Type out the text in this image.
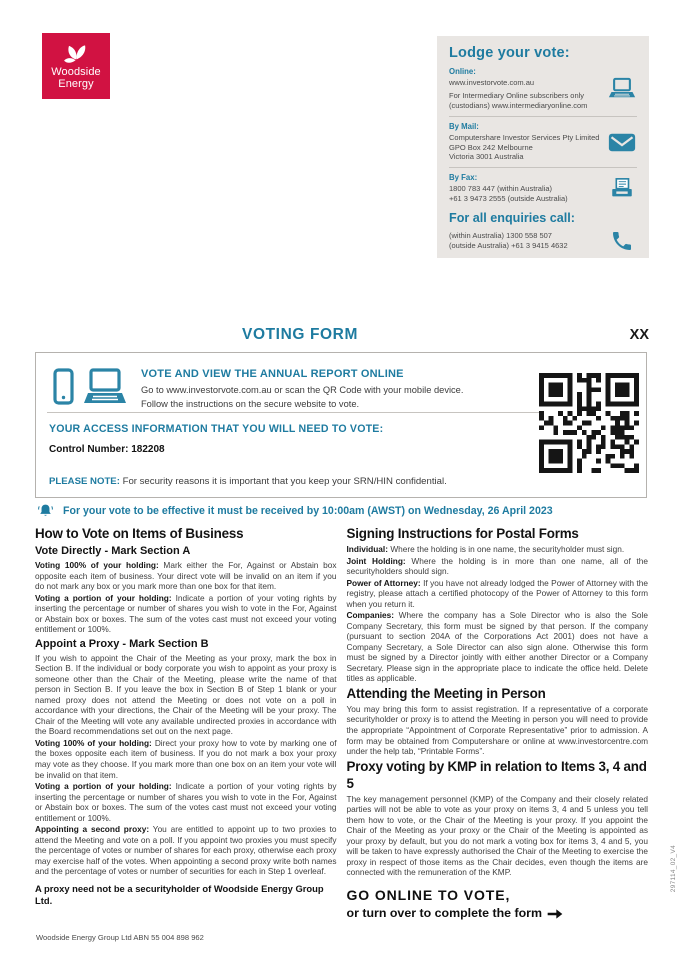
Woodside
Energy
Lodge your vote:
Online:
www.investorvote.com.au
For Intermediary Online subscribers only
(custodians) www.intermediaryonline.com
By Mail:
Computershare Investor Services Pty Limited
GPO Box 242 Melbourne
Victoria 3001 Australia
By Fax:
1800 783 447 (within Australia)
+61 3 9473 2555 (outside Australia)
For all enquiries call:
(within Australia) 1300 558 507
(outside Australia) +61 3 9415 4632
VOTING FORM	XX
VOTE AND VIEW THE ANNUAL REPORT ONLINE
Go to www.investorvote.com.au or scan the QR Code with your mobile device.
Follow the instructions on the secure website to vote.
YOUR ACCESS INFORMATION THAT YOU WILL NEED TO VOTE:
Control Number: 182208
PLEASE NOTE: For security reasons it is important that you keep your SRN/HIN confidential.
For your vote to be effective it must be received by 10:00am (AWST) on Wednesday, 26 April 2023
How to Vote on Items of Business
Vote Directly - Mark Section A

Voting 100% of your holding: Mark either the For, Against or Abstain box opposite each item of business. Your direct vote will be invalid on an item if you do not mark any box or you mark more than one box for that item.

Voting a portion of your holding: Indicate a portion of your voting rights by inserting the percentage or number of shares you wish to vote in the For, Against or Abstain box or boxes. The sum of the votes cast must not exceed your voting entitlement or 100%.

Appoint a Proxy - Mark Section B

If you wish to appoint the Chair of the Meeting as your proxy, mark the box in Section B. If the individual or body corporate you wish to appoint as your proxy is someone other than the Chair of the Meeting, please write the name of that person in Section B. If you leave the box in Section B of Step 1 blank or your named proxy does not attend the Meeting or does not vote on a poll in accordance with your directions, the Chair of the Meeting will be your proxy. The Chair of the Meeting will vote any available undirected proxies in accordance with the Board recommendations set out on the next page.

Voting 100% of your holding: Direct your proxy how to vote by marking one of the boxes opposite each item of business. If you do not mark a box your proxy may vote as they choose. If you mark more than one box on an item your vote will be invalid on that item.

Voting a portion of your holding: Indicate a portion of your voting rights by inserting the percentage or number of shares you wish to vote in the For, Against or Abstain box or boxes. The sum of the votes cast must not exceed your voting entitlement or 100%.

Appointing a second proxy: You are entitled to appoint up to two proxies to attend the Meeting and vote on a poll. If you appoint two proxies you must specify the percentage of votes or number of shares for each proxy, otherwise each proxy may exercise half of the votes. When appointing a second proxy write both names and the percentage of votes or number of securities for each in Step 1 overleaf.

A proxy need not be a securityholder of Woodside Energy Group Ltd.
Signing Instructions for Postal Forms

Individual: Where the holding is in one name, the securityholder must sign.

Joint Holding: Where the holding is in more than one name, all of the securityholders should sign.

Power of Attorney: If you have not already lodged the Power of Attorney with the registry, please attach a certified photocopy of the Power of Attorney to this form when you return it.

Companies: Where the company has a Sole Director who is also the Sole Company Secretary, this form must be signed by that person. If the company (pursuant to section 204A of the Corporations Act 2001) does not have a Company Secretary, a Sole Director can also sign alone. Otherwise this form must be signed by a Director jointly with either another Director or a Company Secretary. Please sign in the appropriate place to indicate the office held. Delete titles as applicable.

Attending the Meeting in Person

You may bring this form to assist registration. If a representative of a corporate securityholder or proxy is to attend the Meeting in person you will need to provide the appropriate “Appointment of Corporate Representative” prior to admission. A form may be obtained from Computershare or online at www.investorcentre.com under the help tab, “Printable Forms”.

Proxy voting by KMP in relation to Items 3, 4 and 5

The key management personnel (KMP) of the Company and their closely related parties will not be able to vote as your proxy on items 3, 4 and 5 unless you tell them how to vote, or the Chair of the Meeting is your proxy. If you appoint the Chair of the Meeting as your proxy or the Chair of the Meeting is appointed as your proxy by default, but you do not mark a voting box for items 3, 4 and 5, you will be taken to have expressly authorised the Chair of the Meeting to exercise the proxy in respect of those items as the Chair decides, even though the items are connected with the remuneration of the KMP.

GO ONLINE TO VOTE,
or turn over to complete the form
Woodside Energy Group Ltd ABN 55 004 898 962
297114_02_V4
